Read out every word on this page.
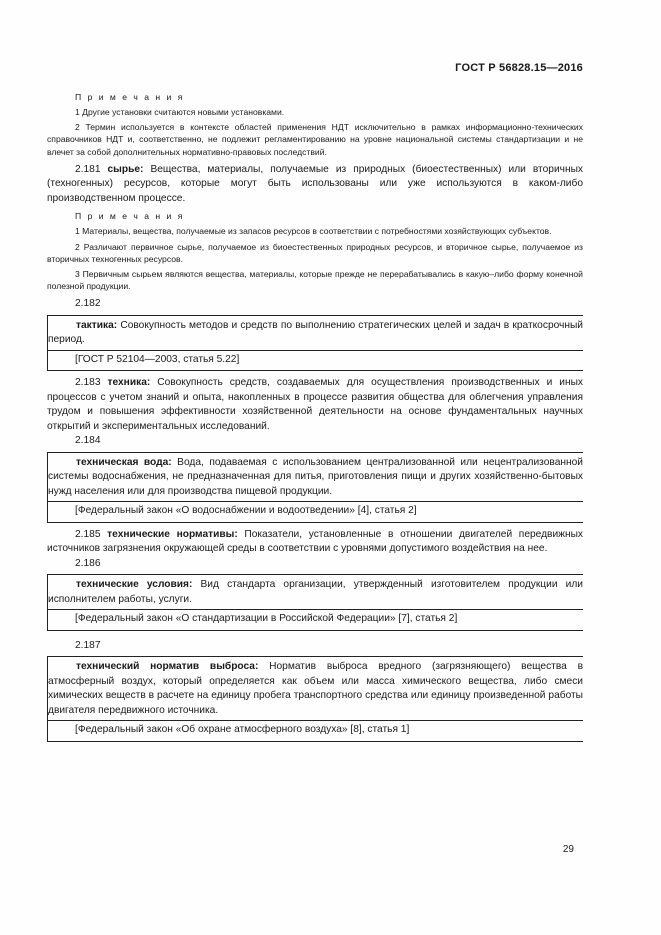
ГОСТ Р 56828.15—2016
П р и м е ч а н и я

1 Другие установки считаются новыми установками.

2 Термин используется в контексте областей применения НДТ исключительно в рамках информационно-технических справочников НДТ и, соответственно, не подлежит регламентированию на уровне национальной системы стандартизации и не влечет за собой дополнительных нормативно-правовых последствий.

2.181 сырье: Вещества, материалы, получаемые из природных (биоестественных) или вторичных (техногенных) ресурсов, которые могут быть использованы или уже используются в каком-либо производственном процессе.

П р и м е ч а н и я

1 Материалы, вещества, получаемые из запасов ресурсов в соответствии с потребностями хозяйствующих субъектов.

2 Различают первичное сырье, получаемое из биоестественных природных ресурсов, и вторичное сырье, получаемое из вторичных техногенных ресурсов.

3 Первичным сырьем являются вещества, материалы, которые прежде не перерабатывались в какую–либо форму конечной полезной продукции.

2.182

тактика: Совокупность методов и средств по выполнению стратегических целей и задач в краткосрочный период.

[ГОСТ Р 52104—2003, статья 5.22]

2.183 техника: Совокупность средств, создаваемых для осуществления производственных и иных процессов с учетом знаний и опыта, накопленных в процессе развития общества для облегчения управления трудом и повышения эффективности хозяйственной деятельности на основе фундаментальных научных открытий и экспериментальных исследований.

2.184

техническая вода: Вода, подаваемая с использованием централизованной или нецентрализованной системы водоснабжения, не предназначенная для питья, приготовления пищи и других хозяйственно-бытовых нужд населения или для производства пищевой продукции.

[Федеральный закон «О водоснабжении и водоотведении» [4], статья 2]

2.185 технические нормативы: Показатели, установленные в отношении двигателей передвижных источников загрязнения окружающей среды в соответствии с уровнями допустимого воздействия на нее.

2.186

технические условия: Вид стандарта организации, утвержденный изготовителем продукции или исполнителем работы, услуги.

[Федеральный закон «О стандартизации в Российской Федерации» [7], статья 2]

2.187

технический норматив выброса: Норматив выброса вредного (загрязняющего) вещества в атмосферный воздух, который определяется как объем или масса химического вещества, либо смеси химических веществ в расчете на единицу пробега транспортного средства или единицу произведенной работы двигателя передвижного источника.

[Федеральный закон «Об охране атмосферного воздуха» [8], статья 1]

29
